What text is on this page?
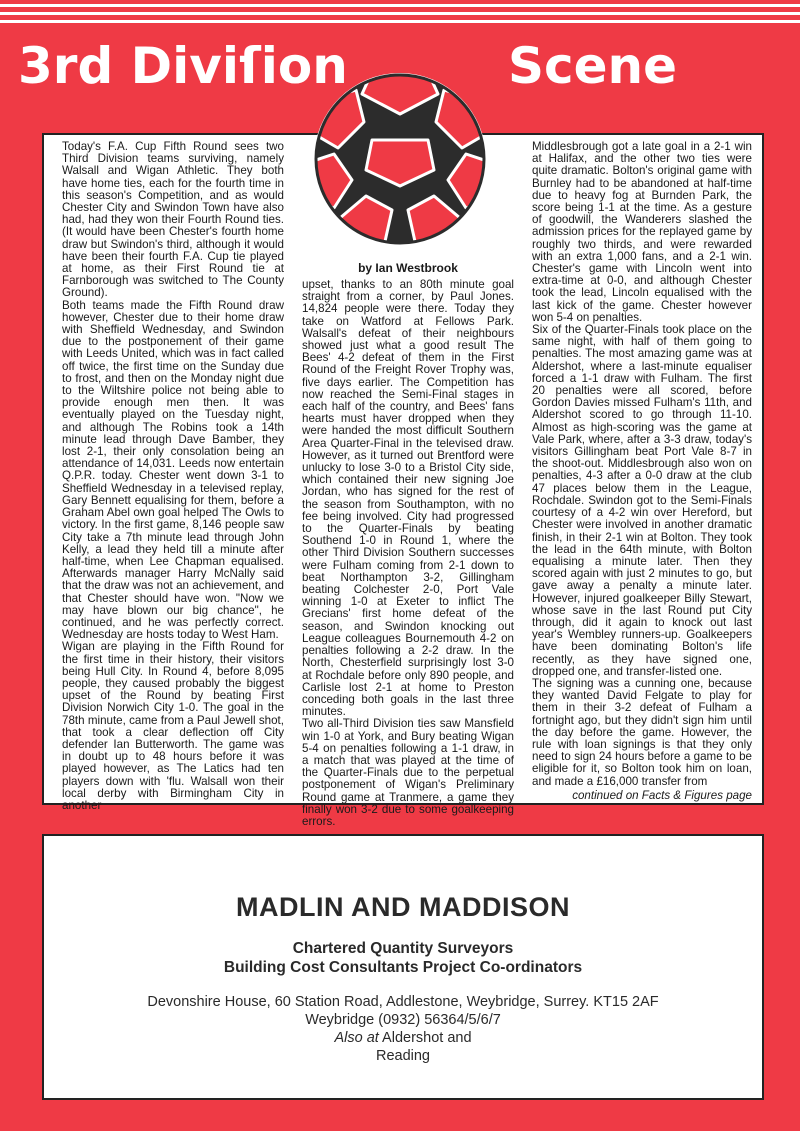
3rd Diviſion	Scene

Today's F.A. Cup Fifth Round sees two Third Division teams surviving, namely Walsall and Wigan Athletic. They both have home ties, each for the fourth time in this season's Competition, and as would Chester City and Swindon Town have also had, had they won their Fourth Round ties. (It would have been Chester's fourth home draw but Swindon's third, although it would have been their fourth F.A. Cup tie played at home, as their First Round tie at Farnborough was switched to The County Ground).

Both teams made the Fifth Round draw however, Chester due to their home draw with Sheffield Wednesday, and Swindon due to the postponement of their game with Leeds United, which was in fact called off twice, the first time on the Sunday due to frost, and then on the Monday night due to the Wiltshire police not being able to provide enough men then. It was eventually played on the Tuesday night, and although The Robins took a 14th minute lead through Dave Bamber, they lost 2-1, their only consolation being an attendance of 14,031. Leeds now entertain Q.P.R. today. Chester went down 3-1 to Sheffield Wednesday in a televised replay, Gary Bennett equalising for them, before a Graham Abel own goal helped The Owls to victory. In the first game, 8,146 people saw City take a 7th minute lead through John Kelly, a lead they held till a minute after half-time, when Lee Chapman equalised. Afterwards manager Harry McNally said that the draw was not an achievement, and that Chester should have won. "Now we may have blown our big chance", he continued, and he was perfectly correct. Wednesday are hosts today to West Ham.

Wigan are playing in the Fifth Round for the first time in their history, their visitors being Hull City. In Round 4, before 8,095 people, they caused probably the biggest upset of the Round by beating First Division Norwich City 1-0. The goal in the 78th minute, came from a Paul Jewell shot, that took a clear deflection off City defender Ian Butterworth. The game was in doubt up to 48 hours before it was played however, as The Latics had ten players down with 'flu. Walsall won their local derby with Birmingham City in another

by Ian Westbrook

upset, thanks to an 80th minute goal straight from a corner, by Paul Jones. 14,824 people were there. Today they take on Watford at Fellows Park. Walsall's defeat of their neighbours showed just what a good result The Bees' 4-2 defeat of them in the First Round of the Freight Rover Trophy was, five days earlier. The Competition has now reached the Semi-Final stages in each half of the country, and Bees' fans hearts must haver dropped when they were handed the most difficult Southern Area Quarter-Final in the televised draw. However, as it turned out Brentford were unlucky to lose 3-0 to a Bristol City side, which contained their new signing Joe Jordan, who has signed for the rest of the season from Southampton, with no fee being involved. City had progressed to the Quarter-Finals by beating Southend 1-0 in Round 1, where the other Third Division Southern successes were Fulham coming from 2-1 down to beat Northampton 3-2, Gillingham beating Colchester 2-0, Port Vale winning 1-0 at Exeter to inflict The Grecians' first home defeat of the season, and Swindon knocking out League colleagues Bournemouth 4-2 on penalties following a 2-2 draw. In the North, Chesterfield surprisingly lost 3-0 at Rochdale before only 890 people, and Carlisle lost 2-1 at home to Preston conceding both goals in the last three minutes.

Two all-Third Division ties saw Mansfield win 1-0 at York, and Bury beating Wigan 5-4 on penalties following a 1-1 draw, in a match that was played at the time of the Quarter-Finals due to the perpetual postponement of Wigan's Preliminary Round game at Tranmere, a game they finally won 3-2 due to some goalkeeping errors.

Middlesbrough got a late goal in a 2-1 win at Halifax, and the other two ties were quite dramatic. Bolton's original game with Burnley had to be abandoned at half-time due to heavy fog at Burnden Park, the score being 1-1 at the time. As a gesture of goodwill, the Wanderers slashed the admission prices for the replayed game by roughly two thirds, and were rewarded with an extra 1,000 fans, and a 2-1 win. Chester's game with Lincoln went into extra-time at 0-0, and although Chester took the lead, Lincoln equalised with the last kick of the game. Chester however won 5-4 on penalties.

Six of the Quarter-Finals took place on the same night, with half of them going to penalties. The most amazing game was at Aldershot, where a last-minute equaliser forced a 1-1 draw with Fulham. The first 20 penalties were all scored, before Gordon Davies missed Fulham's 11th, and Aldershot scored to go through 11-10. Almost as high-scoring was the game at Vale Park, where, after a 3-3 draw, today's visitors Gillingham beat Port Vale 8-7 in the shoot-out. Middlesbrough also won on penalties, 4-3 after a 0-0 draw at the club 47 places below them in the League, Rochdale. Swindon got to the Semi-Finals courtesy of a 4-2 win over Hereford, but Chester were involved in another dramatic finish, in their 2-1 win at Bolton. They took the lead in the 64th minute, with Bolton equalising a minute later. Then they scored again with just 2 minutes to go, but gave away a penalty a minute later. However, injured goalkeeper Billy Stewart, whose save in the last Round put City through, did it again to knock out last year's Wembley runners-up. Goalkeepers have been dominating Bolton's life recently, as they have signed one, dropped one, and transfer-listed one.

The signing was a cunning one, because they wanted David Felgate to play for them in their 3-2 defeat of Fulham a fortnight ago, but they didn't sign him until the day before the game. However, the rule with loan signings is that they only need to sign 24 hours before a game to be eligible for it, so Bolton took him on loan, and made a £16,000 transfer from

continued on Facts & Figures page
MADLIN AND MADDISON
Chartered Quantity Surveyors
Building Cost Consultants Project Co-ordinators
Devonshire House, 60 Station Road, Addlestone, Weybridge, Surrey. KT15 2AF
Weybridge (0932) 56364/5/6/7
Also at Aldershot and
Reading
